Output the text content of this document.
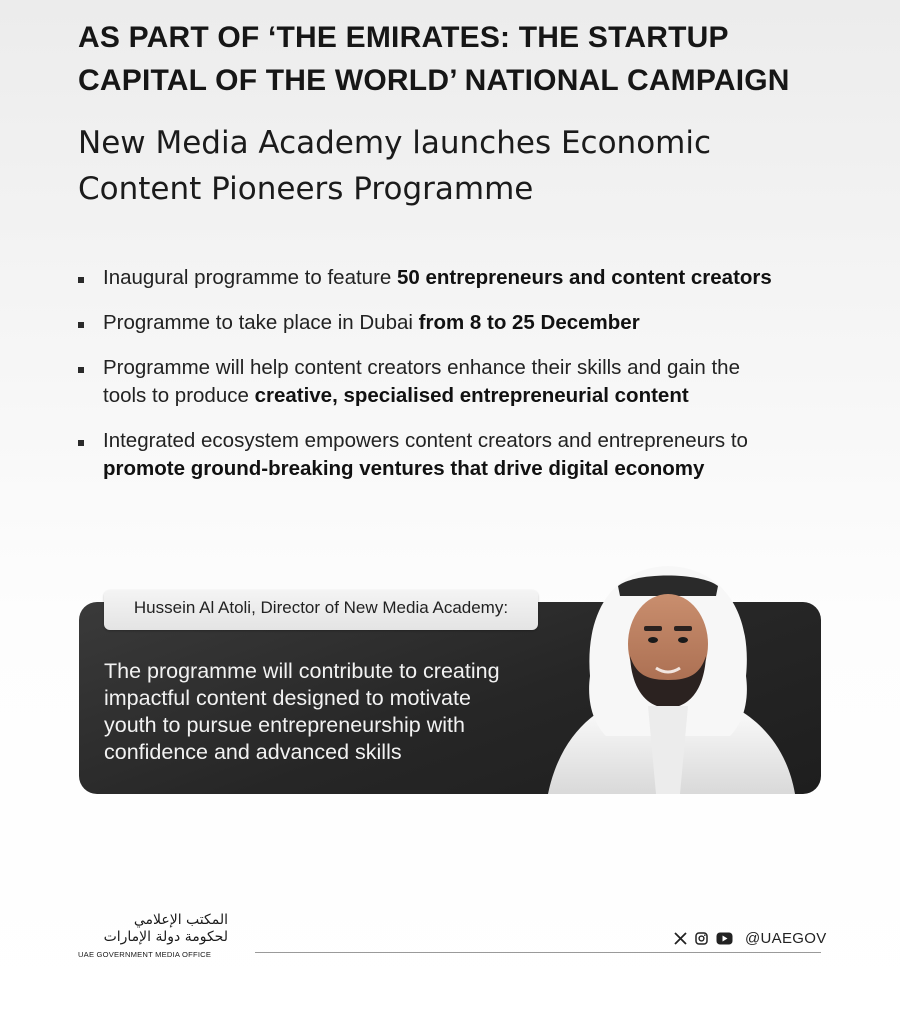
AS PART OF ‘THE EMIRATES: THE STARTUP
CAPITAL OF THE WORLD’ NATIONAL CAMPAIGN
New Media Academy launches Economic
Content Pioneers Programme
Inaugural programme to feature 50 entrepreneurs and content creators
Programme to take place in Dubai from 8 to 25 December
Programme will help content creators enhance their skills and gain the
tools to produce creative, specialised entrepreneurial content
Integrated ecosystem empowers content creators and entrepreneurs to
promote ground-breaking ventures that drive digital economy
Hussein Al Atoli, Director of New Media Academy:
The programme will contribute to creating
impactful content designed to motivate
youth to pursue entrepreneurship with
confidence and advanced skills
المكتب الإعلامي
لحكومة دولة الإمارات
UAE GOVERNMENT MEDIA OFFICE
@UAEGOV
